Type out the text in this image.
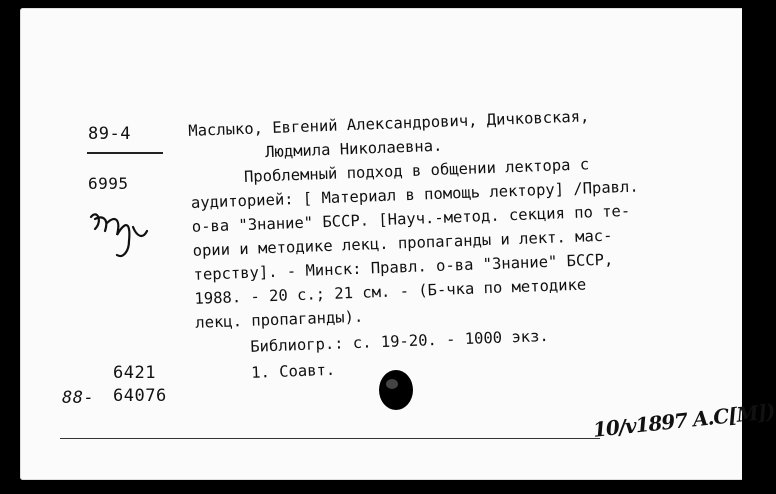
89-4
6995
6421
88- 64076
Маслыко, Евгений Александрович, Дичковская,
Людмила Николаевна.
Проблемный подход в общении лектора с
аудиторией: [ Материал в помощь лектору] /Правл.
о-ва "Знание" БССР. [Науч.-метод. секция по те-
ории и методике лекц. пропаганды и лект. мас-
терству]. - Минск: Правл. о-ва "Знание" БССР,
1988. - 20 с.; 21 см. - (Б-чка по методике
лекц. пропаганды).
Библиогр.: с. 19-20. - 1000 экз.
1. Соавт.
10/v1897 A.C[M])
